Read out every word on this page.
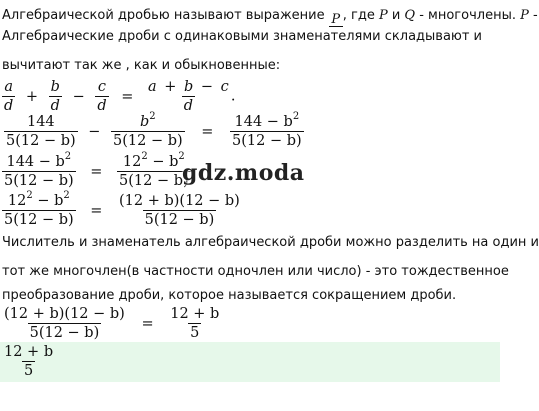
Алгебраической дробью называют выражение P , где P и Q - многочлены. P -
Алгебраические дроби с одинаковыми знаменателями складывают и
вычитают так же , как и обыкновенные:
$\frac{a}{d} + \frac{b}{d} - \frac{c}{d} = \frac{a + b - c}{d}$ .
$\frac{144}{5(12 - b)} - \frac{b^2}{5(12 - b)} = \frac{144 - b^2}{5(12 - b)}$
$\frac{144 - b^2}{5(12 - b)} = \frac{12^2 - b^2}{5(12 - b)}$
gdz.moda
$\frac{12^2 - b^2}{5(12 - b)} = \frac{(12 + b)(12 - b)}{5(12 - b)}$
Числитель и знаменатель алгебраической дроби можно разделить на один и
тот же многочлен(в частности одночлен или число) - это тождественное
преобразование дроби, которое называется сокращением дроби.
$\frac{(12 + b)(12 - b)}{5(12 - b)} = \frac{12 + b}{5}$
$\frac{12 + b}{5}$
